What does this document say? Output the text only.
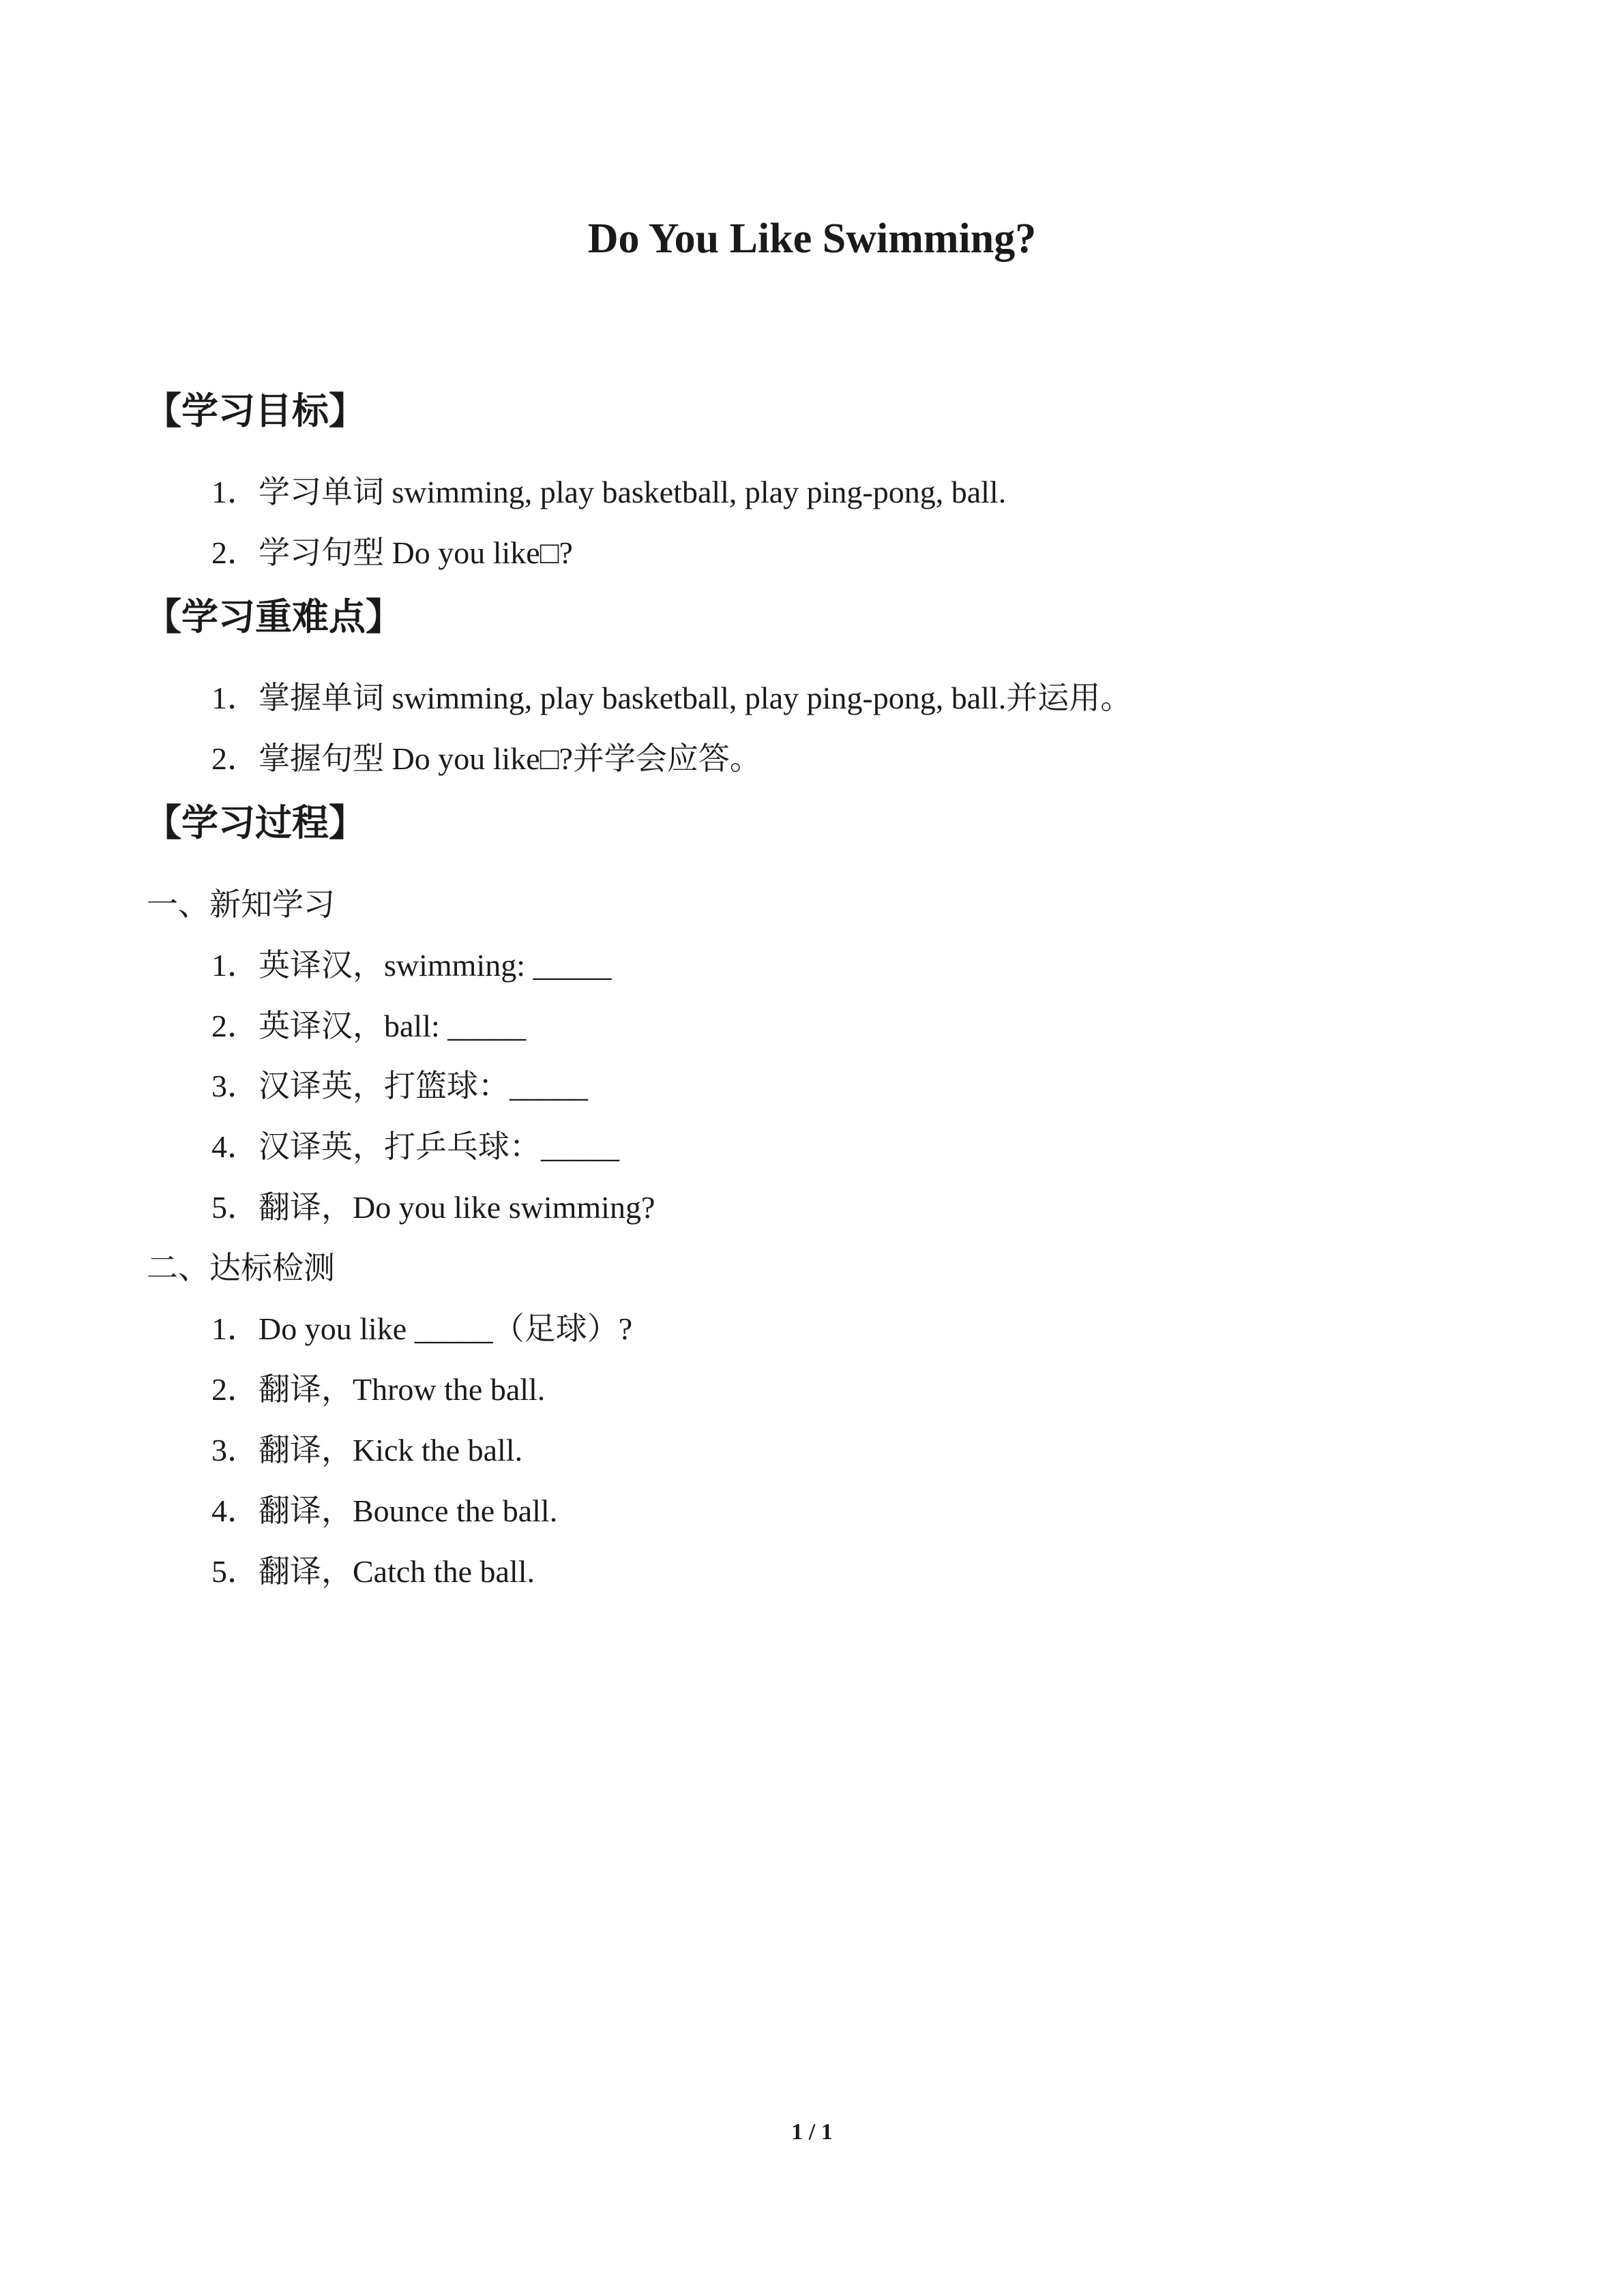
Do You Like Swimming?
【学习目标】
1．学习单词 swimming, play basketball, play ping-pong, ball.
2．学习句型 Do you like□?
【学习重难点】
1．掌握单词 swimming, play basketball, play ping-pong, ball.并运用。
2．掌握句型 Do you like□?并学会应答。
【学习过程】
一、新知学习
1．英译汉，swimming: _____
2．英译汉，ball: _____
3．汉译英，打篮球：_____
4．汉译英，打乒乓球：_____
5．翻译，Do you like swimming?
二、达标检测
1．Do you like _____（足球）?
2．翻译，Throw the ball.
3．翻译，Kick the ball.
4．翻译，Bounce the ball.
5．翻译，Catch the ball.
1 / 1
